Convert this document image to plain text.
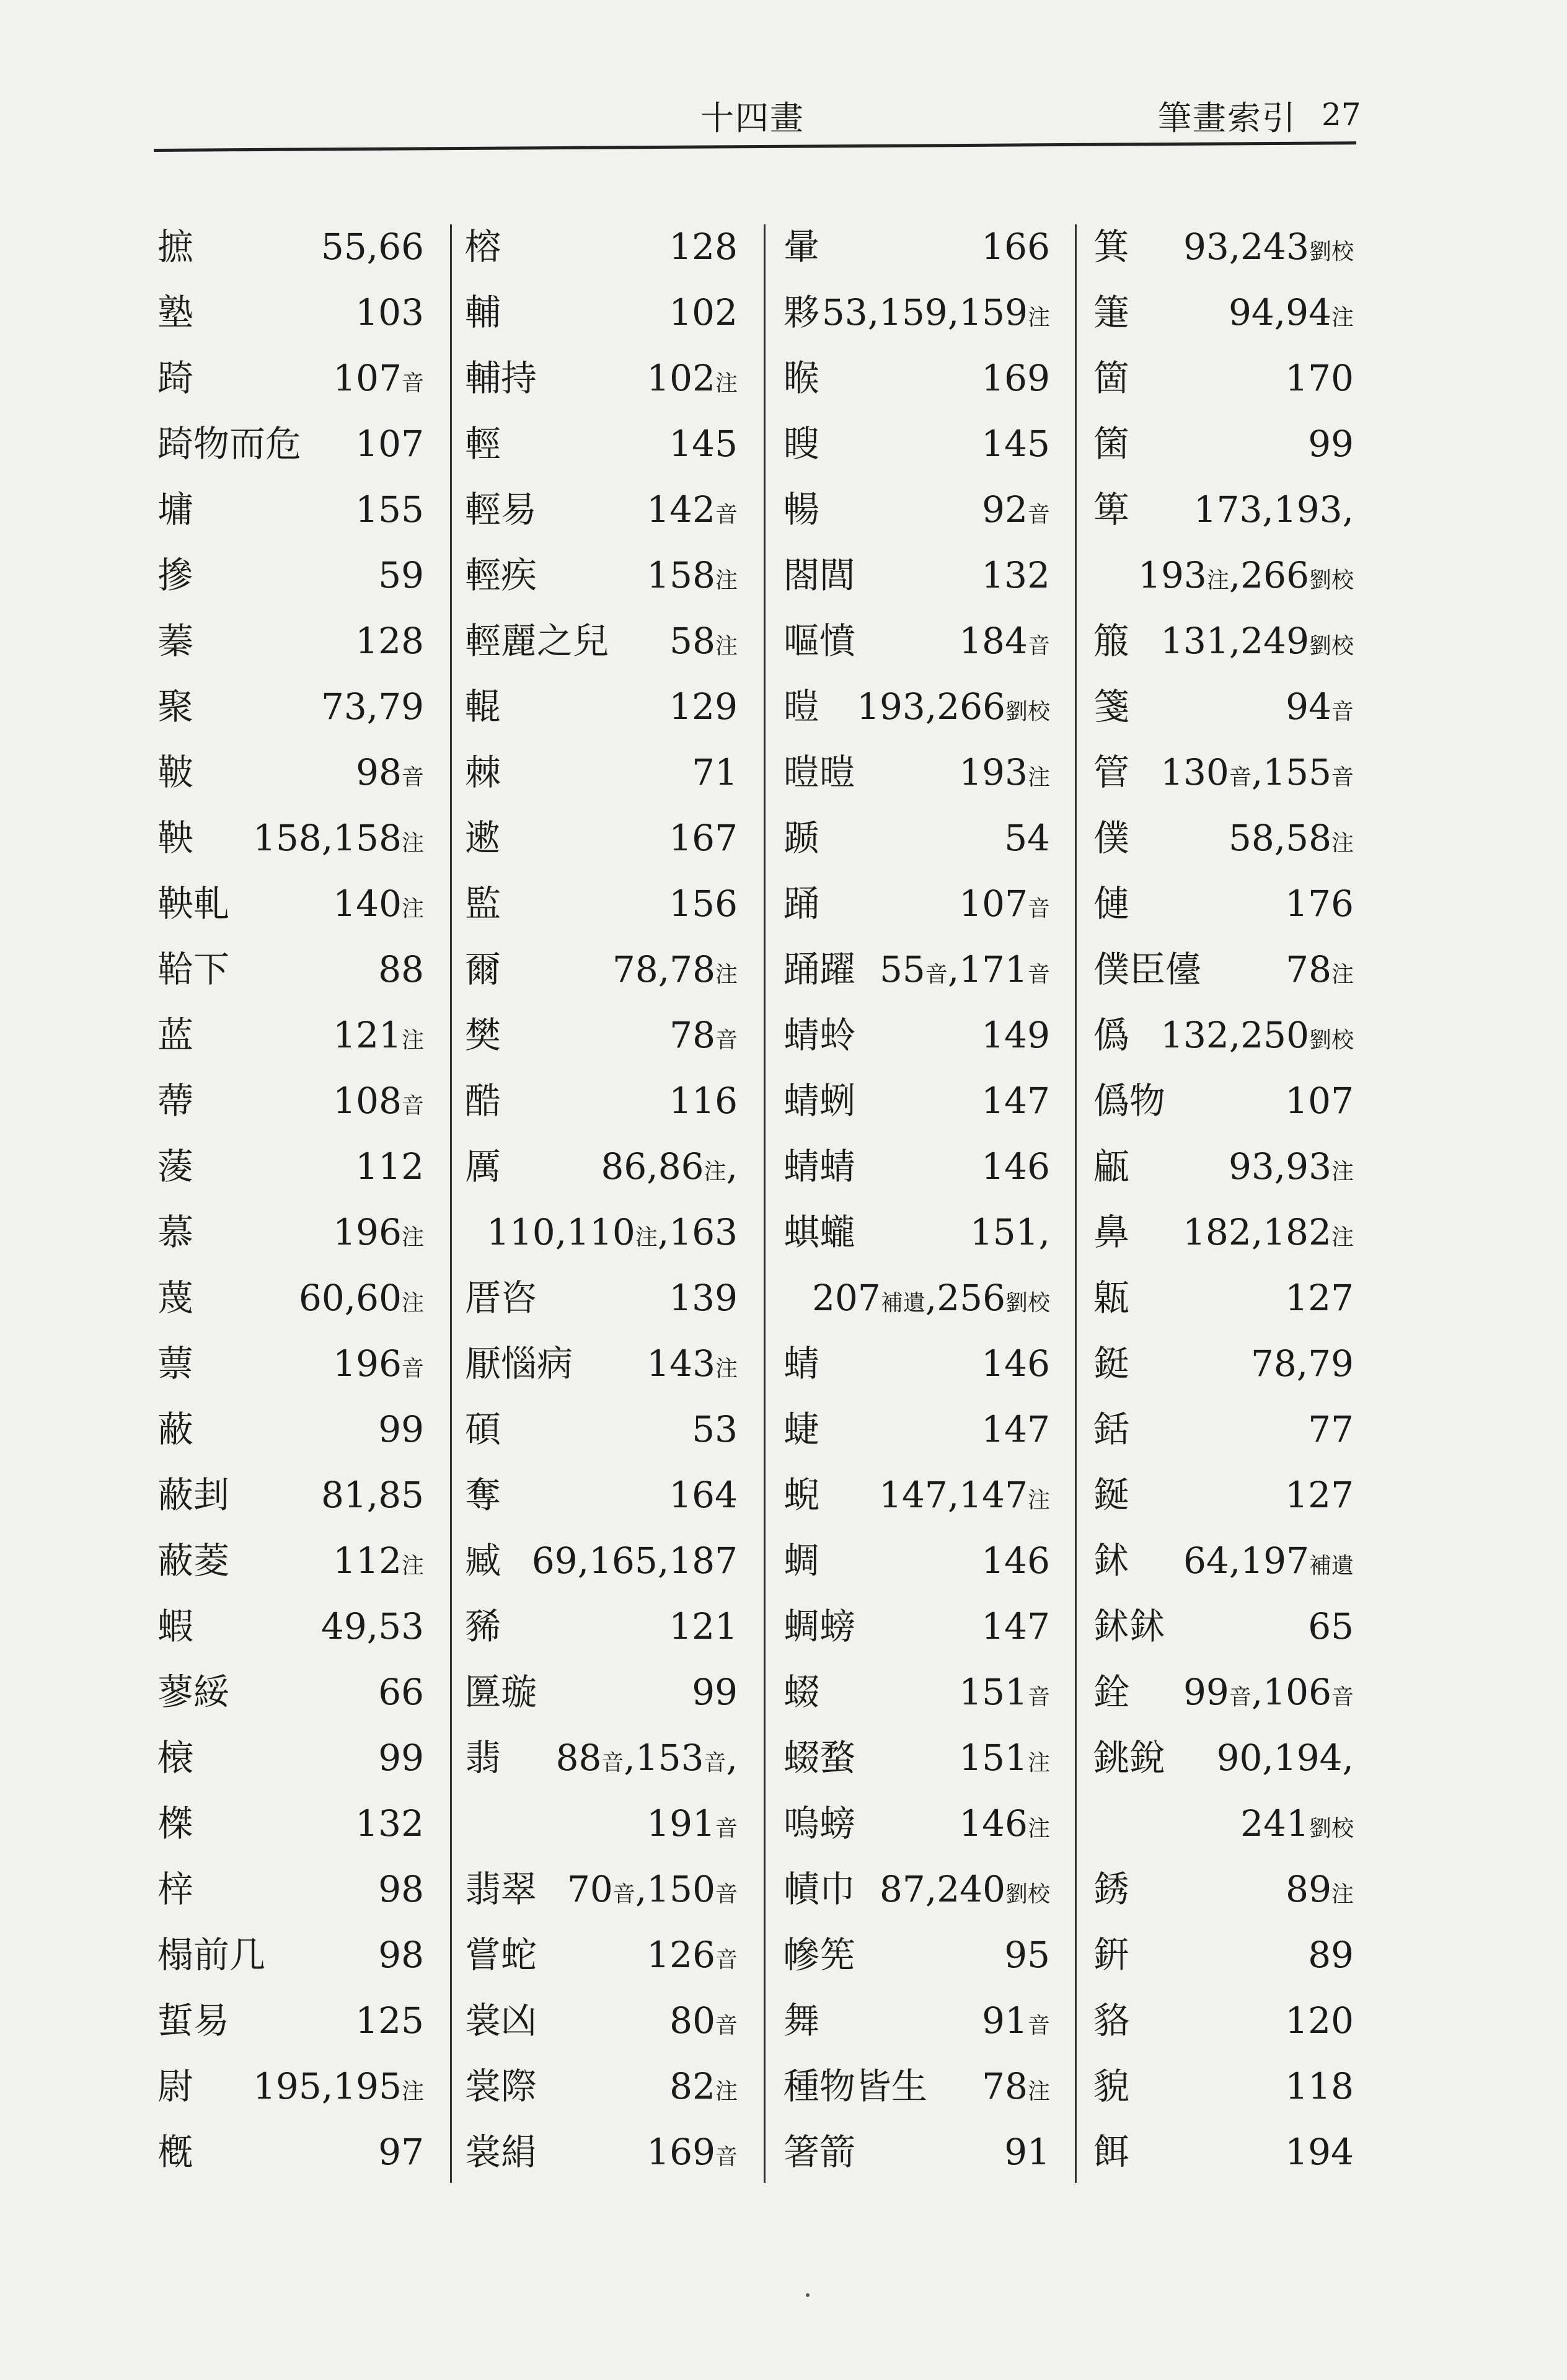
十四畫	筆畫索引 27
摭	55,66
塾	103
踦	107音
踦物而危 107
墉	155
摻	59
蓁	128
聚	73,79
鞁	98音
鞅 158,158注
鞅軋	140注
鞈下	88
蓝	121注
蔕	108音
蔆	112
慕	196注
蔑	60,60注
蔈	196音
蔽	99
蔽刲	81,85
蔽菱	112注
蝦	49,53
蓼綏	66
榱	99
榤	132
梓	98
榻前几	98
蜇易	125
尉 195,195注
槪	97
榕	128
輔	102
輔持	102注
輕	145
輕易	142音
輕疾	158注
輕麗之兒 58注
輥	129
棘	71
遬	167
監	156
爾	78,78注
樊	78音
酷	116
厲	86,86注,
110,110注,163
厝咨	139
厭惱病 143注
碩	53
奪	164
臧 69,165,187
豨	121
匴璇	99
翡 88音,153音,
191音
翡翠 70音,150音
嘗蛇	126音
裳凶	80音
裳際	82注
裳絹	169音
暈	166
夥 53,159,159注
睺	169
瞍	145
暢	92音
閤閭	132
嘔憤	184音
暟 193,266劉校
暟暟	193注
踬	54
踊	107音
踊躍 55音,171音
蜻蛉	149
蜻蛚	147
蜻蜻	146
蜞蠬	151,
207補遺,256劉校
蜻	146
蜨	147
蜺 147,147注
蜩	146
蜩螃	147
蝃	151音
蝃蝥	151注
嗚螃	146注
幘巾 87,240劉校
幓筅	95
舞	91音
種物皆生 78注
箸箭	91
箕 93,243劉校
箑	94,94注
箇	170
箘	99
箄 173,193,
193注,266劉校
箙 131,249劉校
箋	94音
管 130音,155音
僕	58,58注
僆	176
僕臣儓 78注
僞 132,250劉校
僞物	107
甂	93,93注
鼻 182,182注
甈	127
鋌	78,79
銛	77
鋋	127
鉥 64,197補遺
鉥鉥	65
銓 99音,106音
銚銳 90,194,
241劉校
銹	89注
銒	89
貉	120
貌	118
餌	194
